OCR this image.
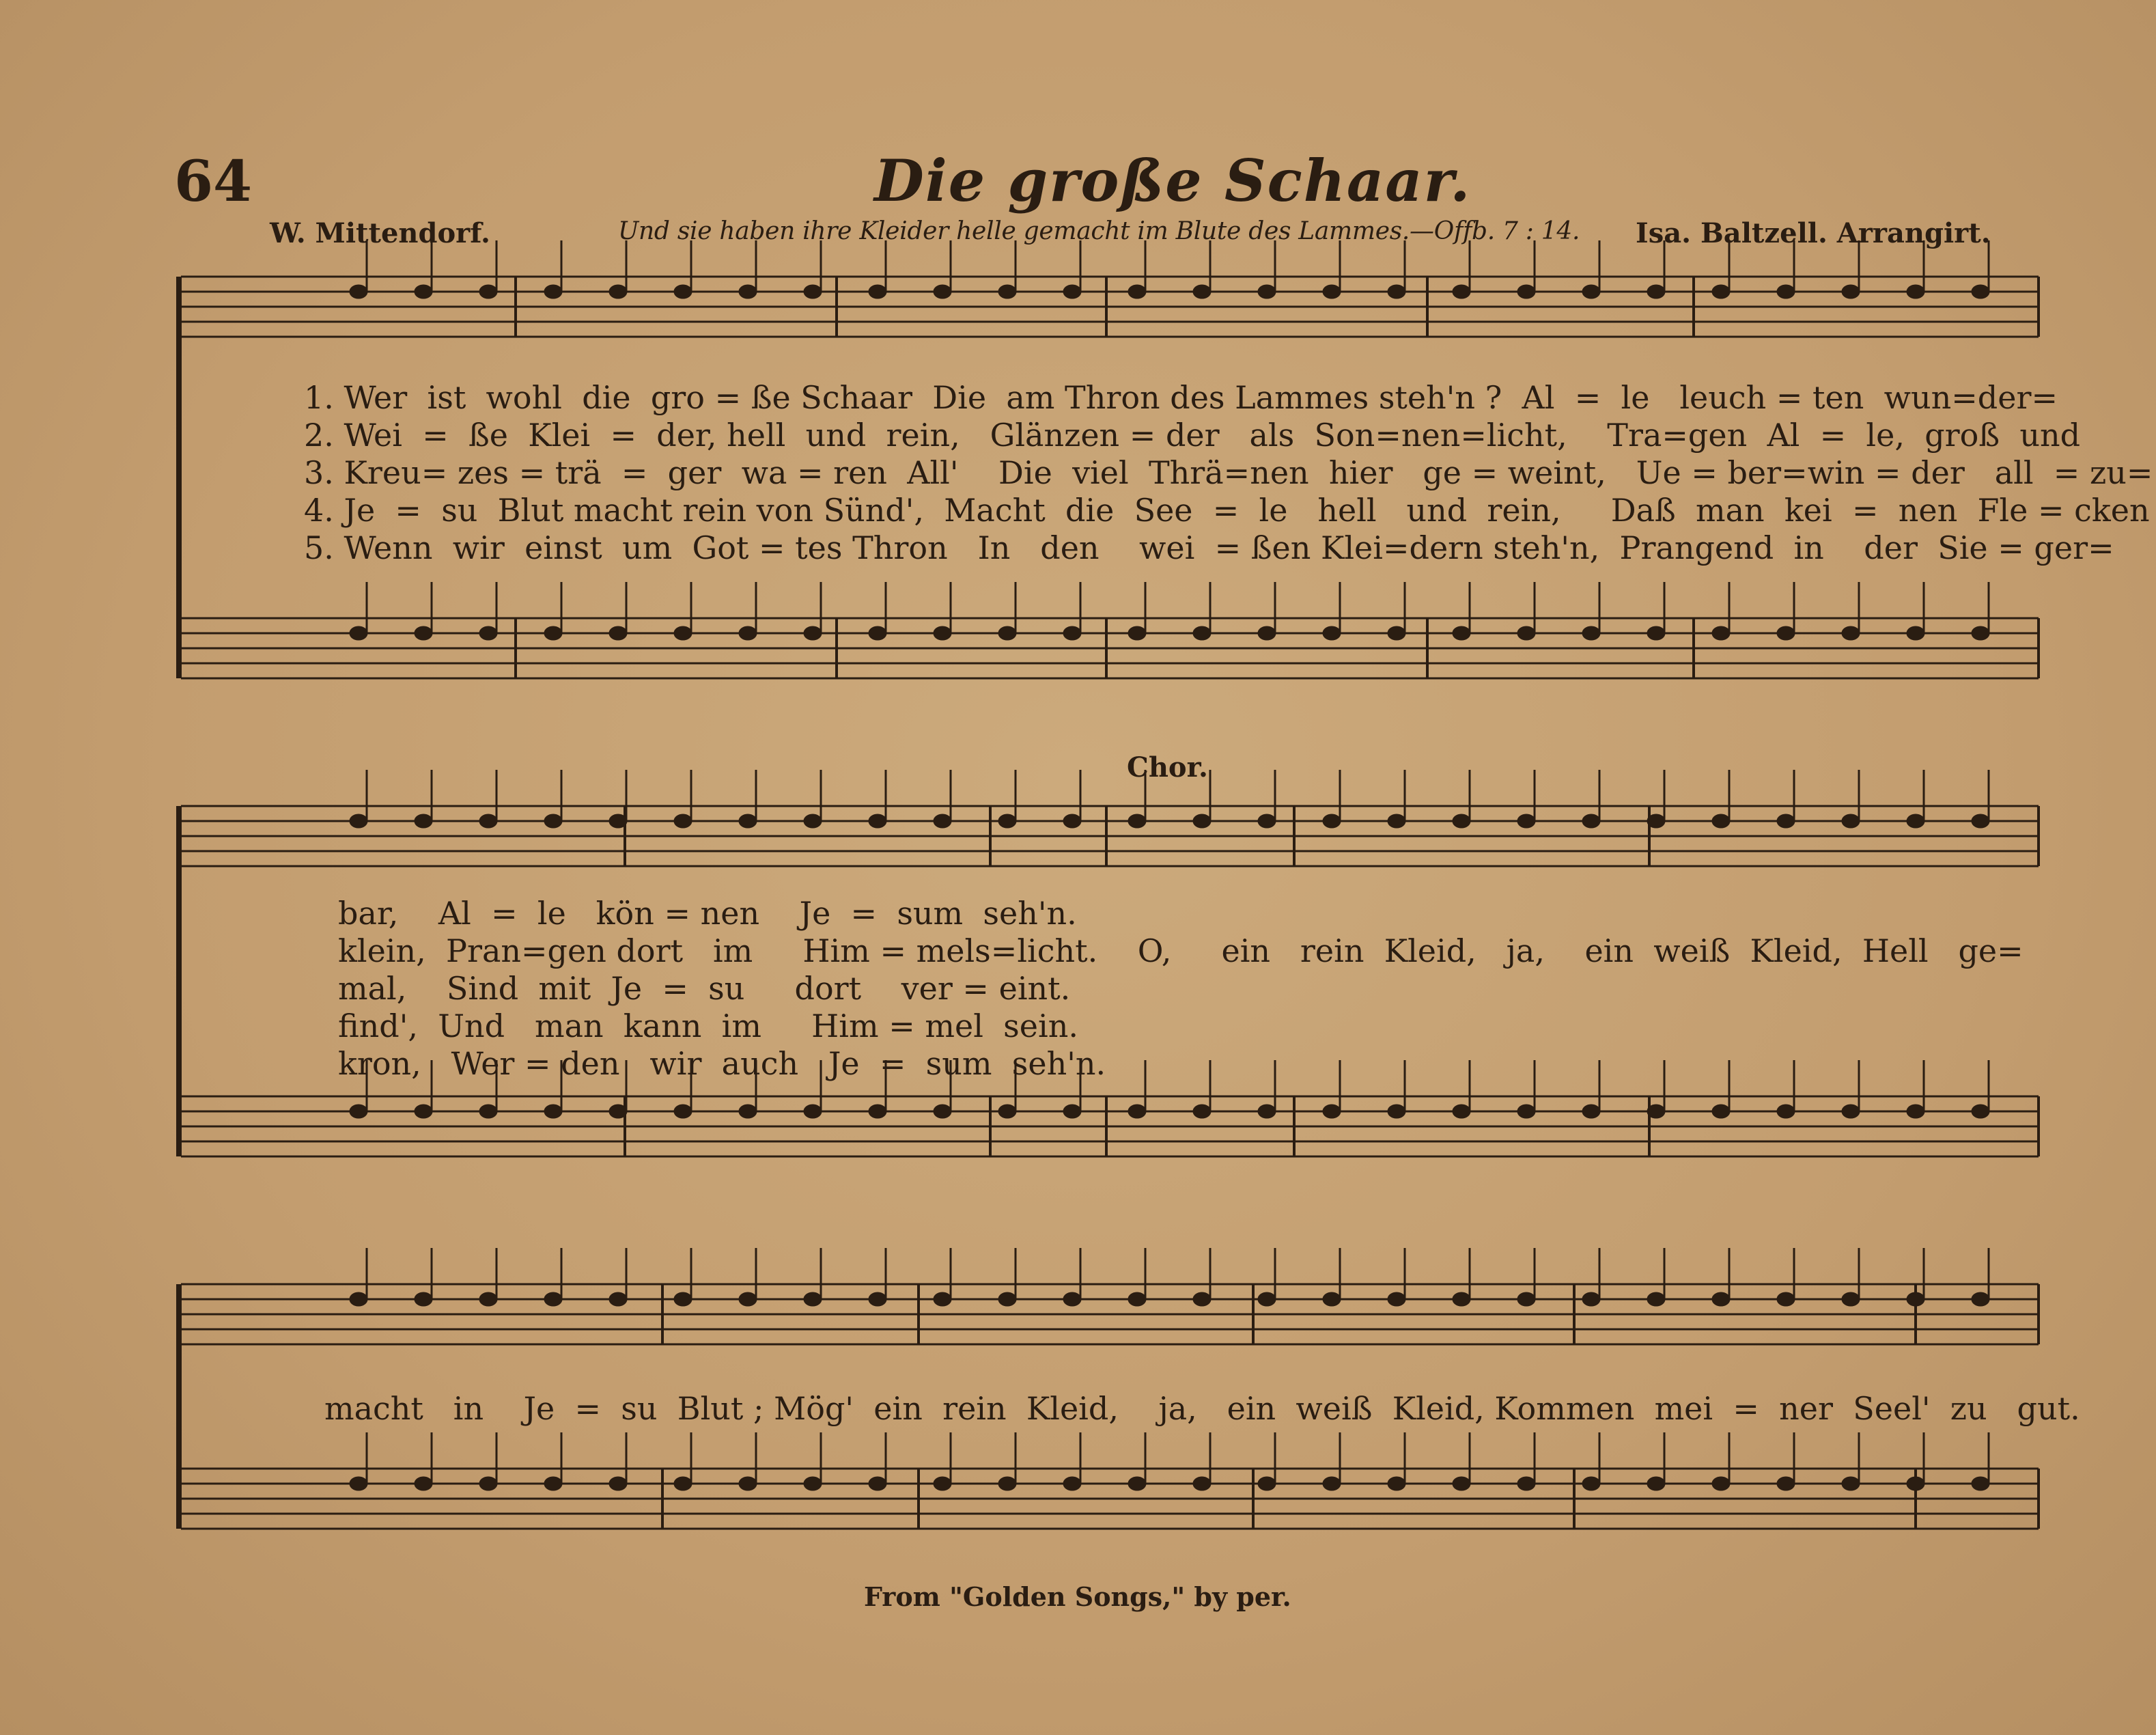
64	Die große Schaar.
W. Mittendorf.	Und sie haben ihre Kleider helle gemacht im Blute des Lammes.—Offb. 7 : 14. Isa. Baltzell. Arrangirt.
1. Wer  ist  wohl  die  gro = ße Schaar  Die  am Thron des Lammes steh'n ?  Al  =  le   leuch = ten  wun=der=
2. Wei  =  ße  Klei  =  der, hell  und  rein,   Glänzen = der   als  Son=nen=licht,    Tra=gen  Al  =  le,  groß  und
3. Kreu= zes = trä  =  ger  wa = ren  All'    Die  viel  Thrä=nen  hier   ge = weint,   Ue = ber=win = der   all  = zu=
4. Je  =  su  Blut macht rein von Sünd',  Macht  die  See  =  le   hell   und  rein,     Daß  man  kei  =  nen  Fle = cken
5. Wenn  wir  einst  um  Got = tes Thron   In   den    wei  = ßen Klei=dern steh'n,  Prangend  in    der  Sie = ger=
Chor.
bar,    Al  =  le   kön = nen    Je  =  sum  seh'n.
klein,  Pran=gen dort   im     Him = mels=licht.    O,     ein   rein  Kleid,   ja,    ein  weiß  Kleid,  Hell   ge=
mal,    Sind  mit  Je  =  su     dort    ver = eint.
find',  Und   man  kann  im     Him = mel  sein.
kron,   Wer = den   wir  auch   Je  =  sum  seh'n.
macht   in    Je  =  su  Blut ; Mög'  ein  rein  Kleid,    ja,   ein  weiß  Kleid, Kommen  mei  =  ner  Seel'  zu   gut.
From "Golden Songs," by per.
